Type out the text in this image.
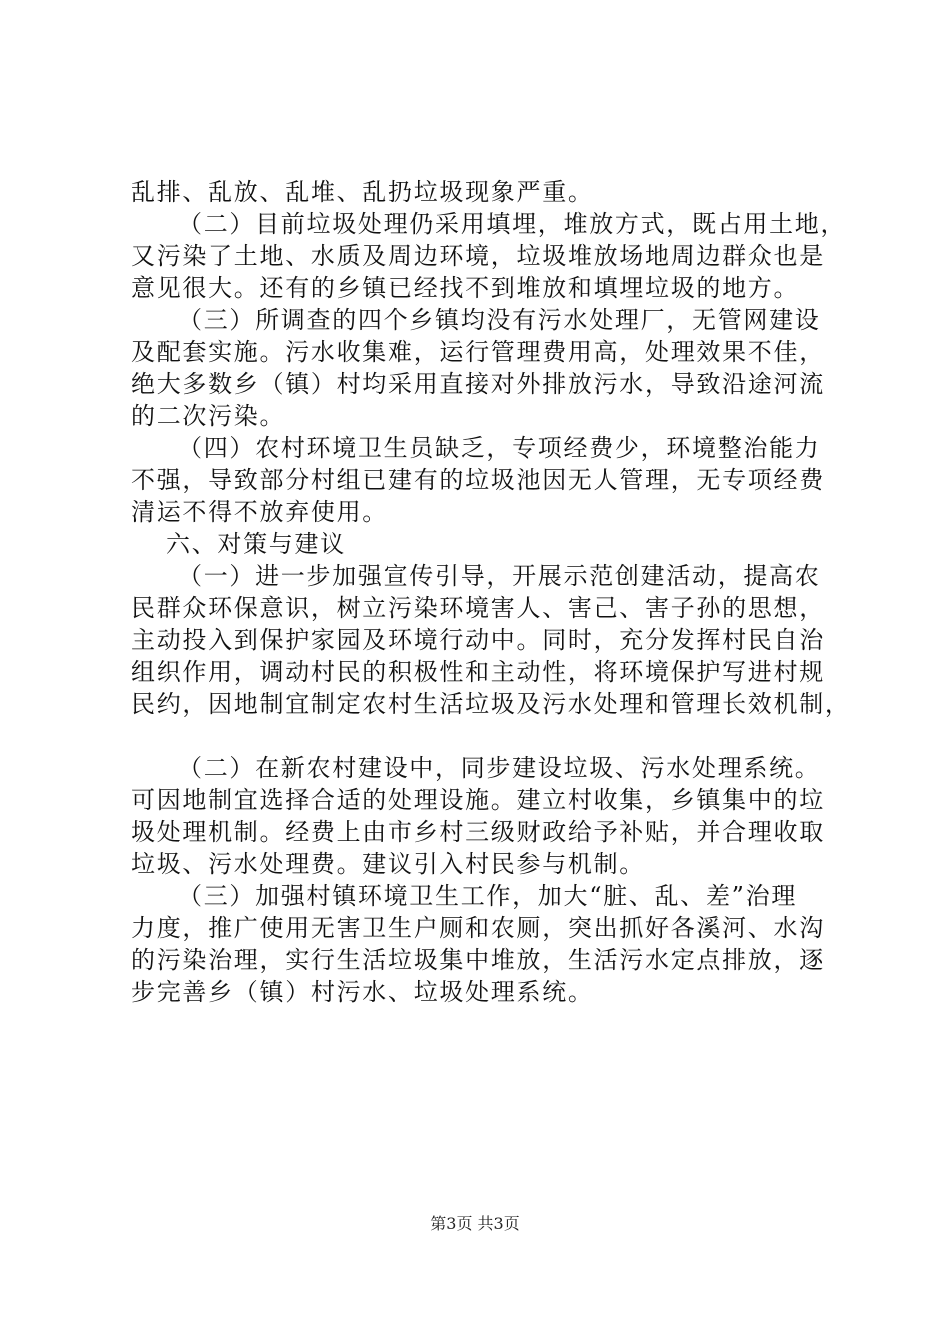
乱排、乱放、乱堆、乱扔垃圾现象严重。
（二）目前垃圾处理仍采用填埋，堆放方式，既占用土地，
又污染了土地、水质及周边环境，垃圾堆放场地周边群众也是
意见很大。还有的乡镇已经找不到堆放和填埋垃圾的地方。
（三）所调查的四个乡镇均没有污水处理厂，无管网建设
及配套实施。污水收集难，运行管理费用高，处理效果不佳，
绝大多数乡（镇）村均采用直接对外排放污水，导致沿途河流
的二次污染。
（四）农村环境卫生员缺乏，专项经费少，环境整治能力
不强，导致部分村组已建有的垃圾池因无人管理，无专项经费
清运不得不放弃使用。
六、对策与建议
（一）进一步加强宣传引导，开展示范创建活动，提高农
民群众环保意识，树立污染环境害人、害己、害子孙的思想，
主动投入到保护家园及环境行动中。同时，充分发挥村民自治
组织作用，调动村民的积极性和主动性，将环境保护写进村规
民约，因地制宜制定农村生活垃圾及污水处理和管理长效机制，
（二）在新农村建设中，同步建设垃圾、污水处理系统。
可因地制宜选择合适的处理设施。建立村收集，乡镇集中的垃
圾处理机制。经费上由市乡村三级财政给予补贴，并合理收取
垃圾、污水处理费。建议引入村民参与机制。
（三）加强村镇环境卫生工作，加大“脏、乱、差”治理
力度，推广使用无害卫生户厕和农厕，突出抓好各溪河、水沟
的污染治理，实行生活垃圾集中堆放，生活污水定点排放，逐
步完善乡（镇）村污水、垃圾处理系统。
第3页 共3页
